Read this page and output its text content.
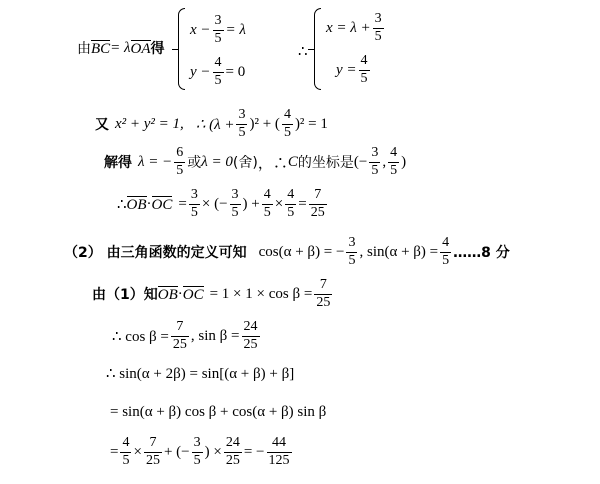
由 BC = λ OA 得
$x - \frac{3}{5} = \lambda$
$y - \frac{4}{5} = 0$
∴
$x = \lambda + \frac{3}{5}$
$y = \frac{4}{5}$
又 x² + y² = 1, ∴ $(\lambda + \frac{3}{5} )^2$ + ( $\frac{4}{5} )^2 = 1$
解得 λ = − $\frac{6}{5}$ 或 λ = 0 (舍) ，∴ C 的坐标是 (− $\frac{3}{5}$ , $\frac{4}{5}$ )
∴ OB · OC = $\frac{3}{5}$ × (− $\frac{3}{5}$ ) + $\frac{4}{5} \times \frac{4}{5} = \frac{7}{25}$
（2） 由三角函数的定义可知 cos(α + β) = − $\frac{3}{5}$ , $\sin(\alpha + \beta) = \frac{4}{5}$ ……8 分
由（1）知 OB · OC = $1 \times 1 \times \cos \beta = \frac{7}{25}$
∴ $\cos \beta = \frac{7}{25}$ , $\sin \beta = \frac{24}{25}$
∴ sin(α + 2β) = sin[(α + β) + β]
= sin(α + β) cos β + cos(α + β) sin β
= $\frac{4}{5} \times \frac{7}{25}$ + (− $\frac{3}{5}$ ) × $\frac{24}{25}$ = − $\frac{44}{125}$
